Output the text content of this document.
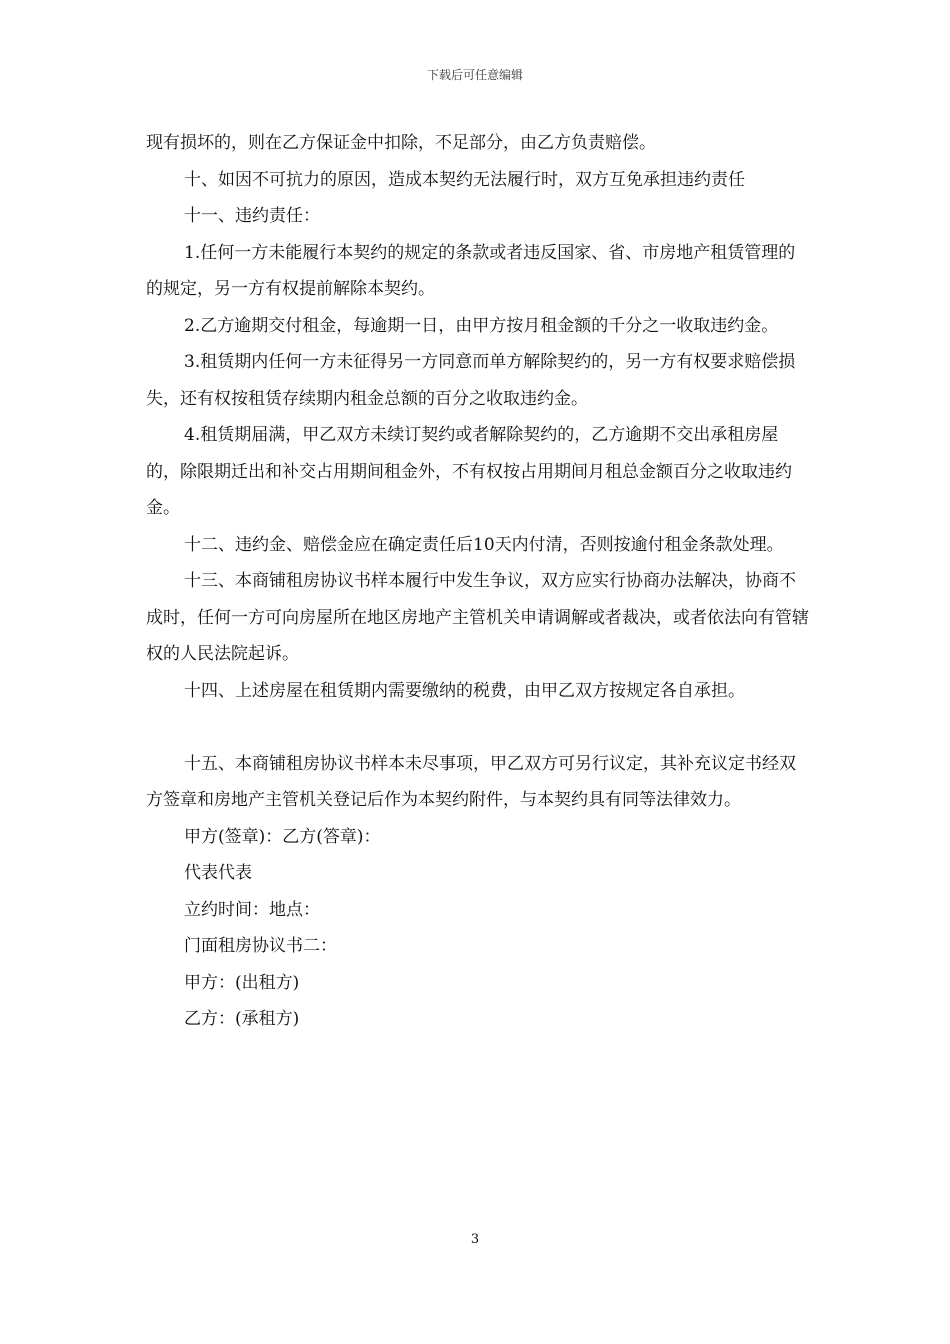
下载后可任意编辑

现有损坏的，则在乙方保证金中扣除，不足部分，由乙方负责赔偿。

十、如因不可抗力的原因，造成本契约无法履行时，双方互免承担违约责任

十一、违约责任：

1.任何一方未能履行本契约的规定的条款或者违反国家、省、市房地产租赁管理的的规定，另一方有权提前解除本契约。

2.乙方逾期交付租金，每逾期一日，由甲方按月租金额的千分之一收取违约金。

3.租赁期内任何一方未征得另一方同意而单方解除契约的，另一方有权要求赔偿损失，还有权按租赁存续期内租金总额的百分之收取违约金。

4.租赁期届满，甲乙双方未续订契约或者解除契约的，乙方逾期不交出承租房屋的，除限期迁出和补交占用期间租金外，不有权按占用期间月租总金额百分之收取违约金。

十二、违约金、赔偿金应在确定责任后10天内付清，否则按逾付租金条款处理。

十三、本商铺租房协议书样本履行中发生争议，双方应实行协商办法解决，协商不成时，任何一方可向房屋所在地区房地产主管机关申请调解或者裁决，或者依法向有管辖权的人民法院起诉。

十四、上述房屋在租赁期内需要缴纳的税费，由甲乙双方按规定各自承担。

十五、本商铺租房协议书样本未尽事项，甲乙双方可另行议定，其补充议定书经双方签章和房地产主管机关登记后作为本契约附件，与本契约具有同等法律效力。

甲方(签章)：乙方(答章)：

代表代表

立约时间：地点：

门面租房协议书二：

甲方：(出租方)

乙方：(承租方)

3
